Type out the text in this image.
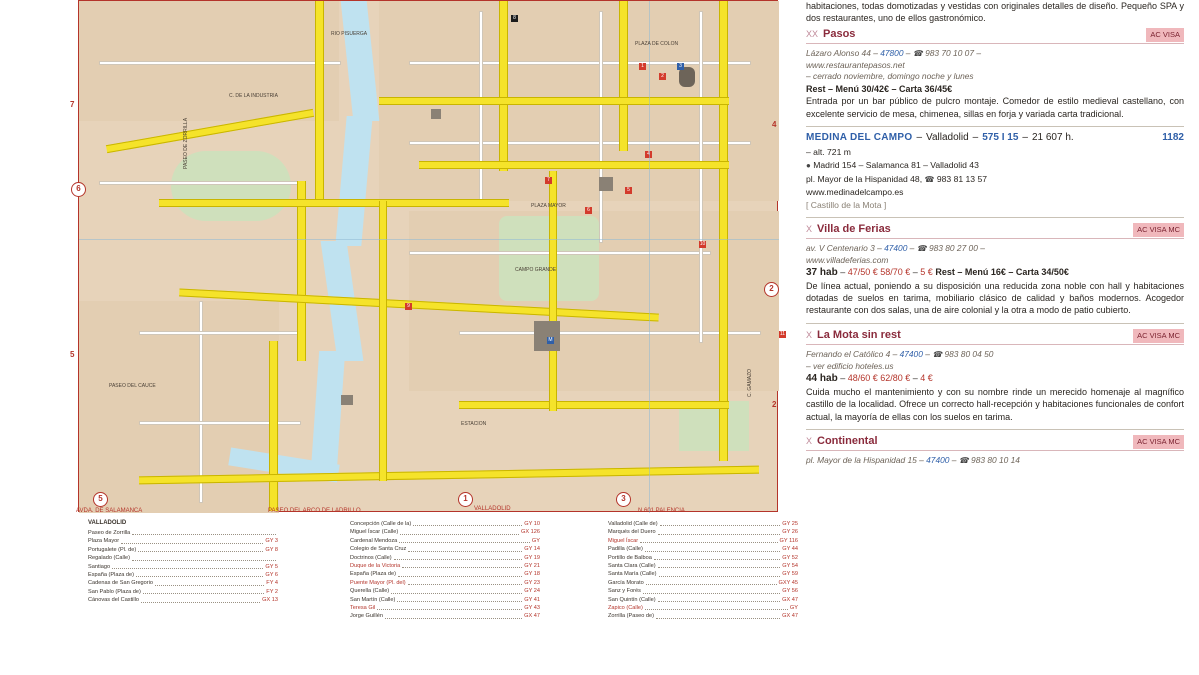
1
2
3
5
6
7
8
9
10
11
M
PASEO DE ZORRILLA
C. DE LA INDUSTRIA
PLAZA MAYOR
CAMPO GRANDE
PASEO DEL CAUCE	C. GAMAZO
RIO PISUERGA
PLAZA DE COLON
ESTACION
6
5	1	3
2
AVDA. DE SALAMANCA	PASEO DEL ARCO DE LADRILLO	VALLADOLID	N 601 PALENCIA
7
5
4
2
VALLADOLID
Paseo de Zorrilla
Plaza Mayor	GY 3
Portugalete (Pl. de)	GY 8
Regalado (Calle)
Santiago	GY 5
España (Plaza de)	GY 6
Cadenas de San Gregorio	FY 4
San Pablo (Plaza de)	FY 2
Cánovas del Castillo	GX 13
Concepción (Calle de la)	GY 10
Miguel Íscar (Calle)	GX 126
Cardenal Mendoza	GY
Colegio de Santa Cruz	GY 14
Doctrinos (Calle)	GY 19
Duque de la Victoria	GY 21
España (Plaza de)	GY 18
Puente Mayor (Pl. del)	GY 23
Querella (Calle)	GY 24
San Martín (Calle)	GY 41
Teresa Gil	GY 43
Jorge Guillén	GX 47
Valladolid (Calle de)	GY 25
Marqués del Duero	GY 26
Miguel Íscar	GY 116
Padilla (Calle)	GY 44
Portillo de Balboa	GY 52
Santa Clara (Calle)	GY 54
Santa María (Calle)	GY 59
García Morato	GXY 45
Sanz y Forés	GY 56
San Quintín (Calle)	GX 47
Zapico (Calle)	GY
Zorrilla (Paseo de)	GX 47

habitaciones, todas domotizadas y vestidas con originales detalles de diseño. Pequeño SPA y dos restaurantes, uno de ellos gastronómico.

XX Pasos	AC VISA
Lázaro Alonso 44 – 47800 – ☎ 983 70 10 07 –
www.restaurantepasos.net
– cerrado noviembre, domingo noche y lunes
Rest – Menú 30/42€ – Carta 36/45€

Entrada por un bar público de pulcro montaje. Comedor de estilo medieval castellano, con excelente servicio de mesa, chimenea, sillas en forja y variada carta tradicional.

MEDINA DEL CAMPO – Valladolid – 575 I 15 – 21 607 h.	1182
– alt. 721 m
● Madrid 154 – Salamanca 81 – Valladolid 43
pl. Mayor de la Hispanidad 48, ☎ 983 81 13 57
www.medinadelcampo.es
[ Castillo de la Mota ]
X Villa de Ferias	AC VISA MC
av. V Centenario 3 – 47400 – ☎ 983 80 27 00 –
www.villadeferias.com
37 hab – 47/50 € 58/70 € – 5 € Rest – Menú 16€ – Carta 34/50€

De línea actual, poniendo a su disposición una reducida zona noble con hall y habitaciones dotadas de suelos en tarima, mobiliario clásico de calidad y baños modernos. Acogedor restaurante con dos salas, una de aire colonial y la otra a modo de patio cubierto.

X La Mota sin rest	AC VISA MC
Fernando el Católico 4 – 47400 – ☎ 983 80 04 50
– ver edificio hoteles.us
44 hab – 48/60 € 62/80 € – 4 €

Cuida mucho el mantenimiento y con su nombre rinde un merecido homenaje al magnífico castillo de la localidad. Ofrece un correcto hall-recepción y habitaciones funcionales de confort actual, la mayoría de ellas con los suelos en tarima.

X Continental	AC VISA MC
pl. Mayor de la Hispanidad 15 – 47400 – ☎ 983 80 10 14
